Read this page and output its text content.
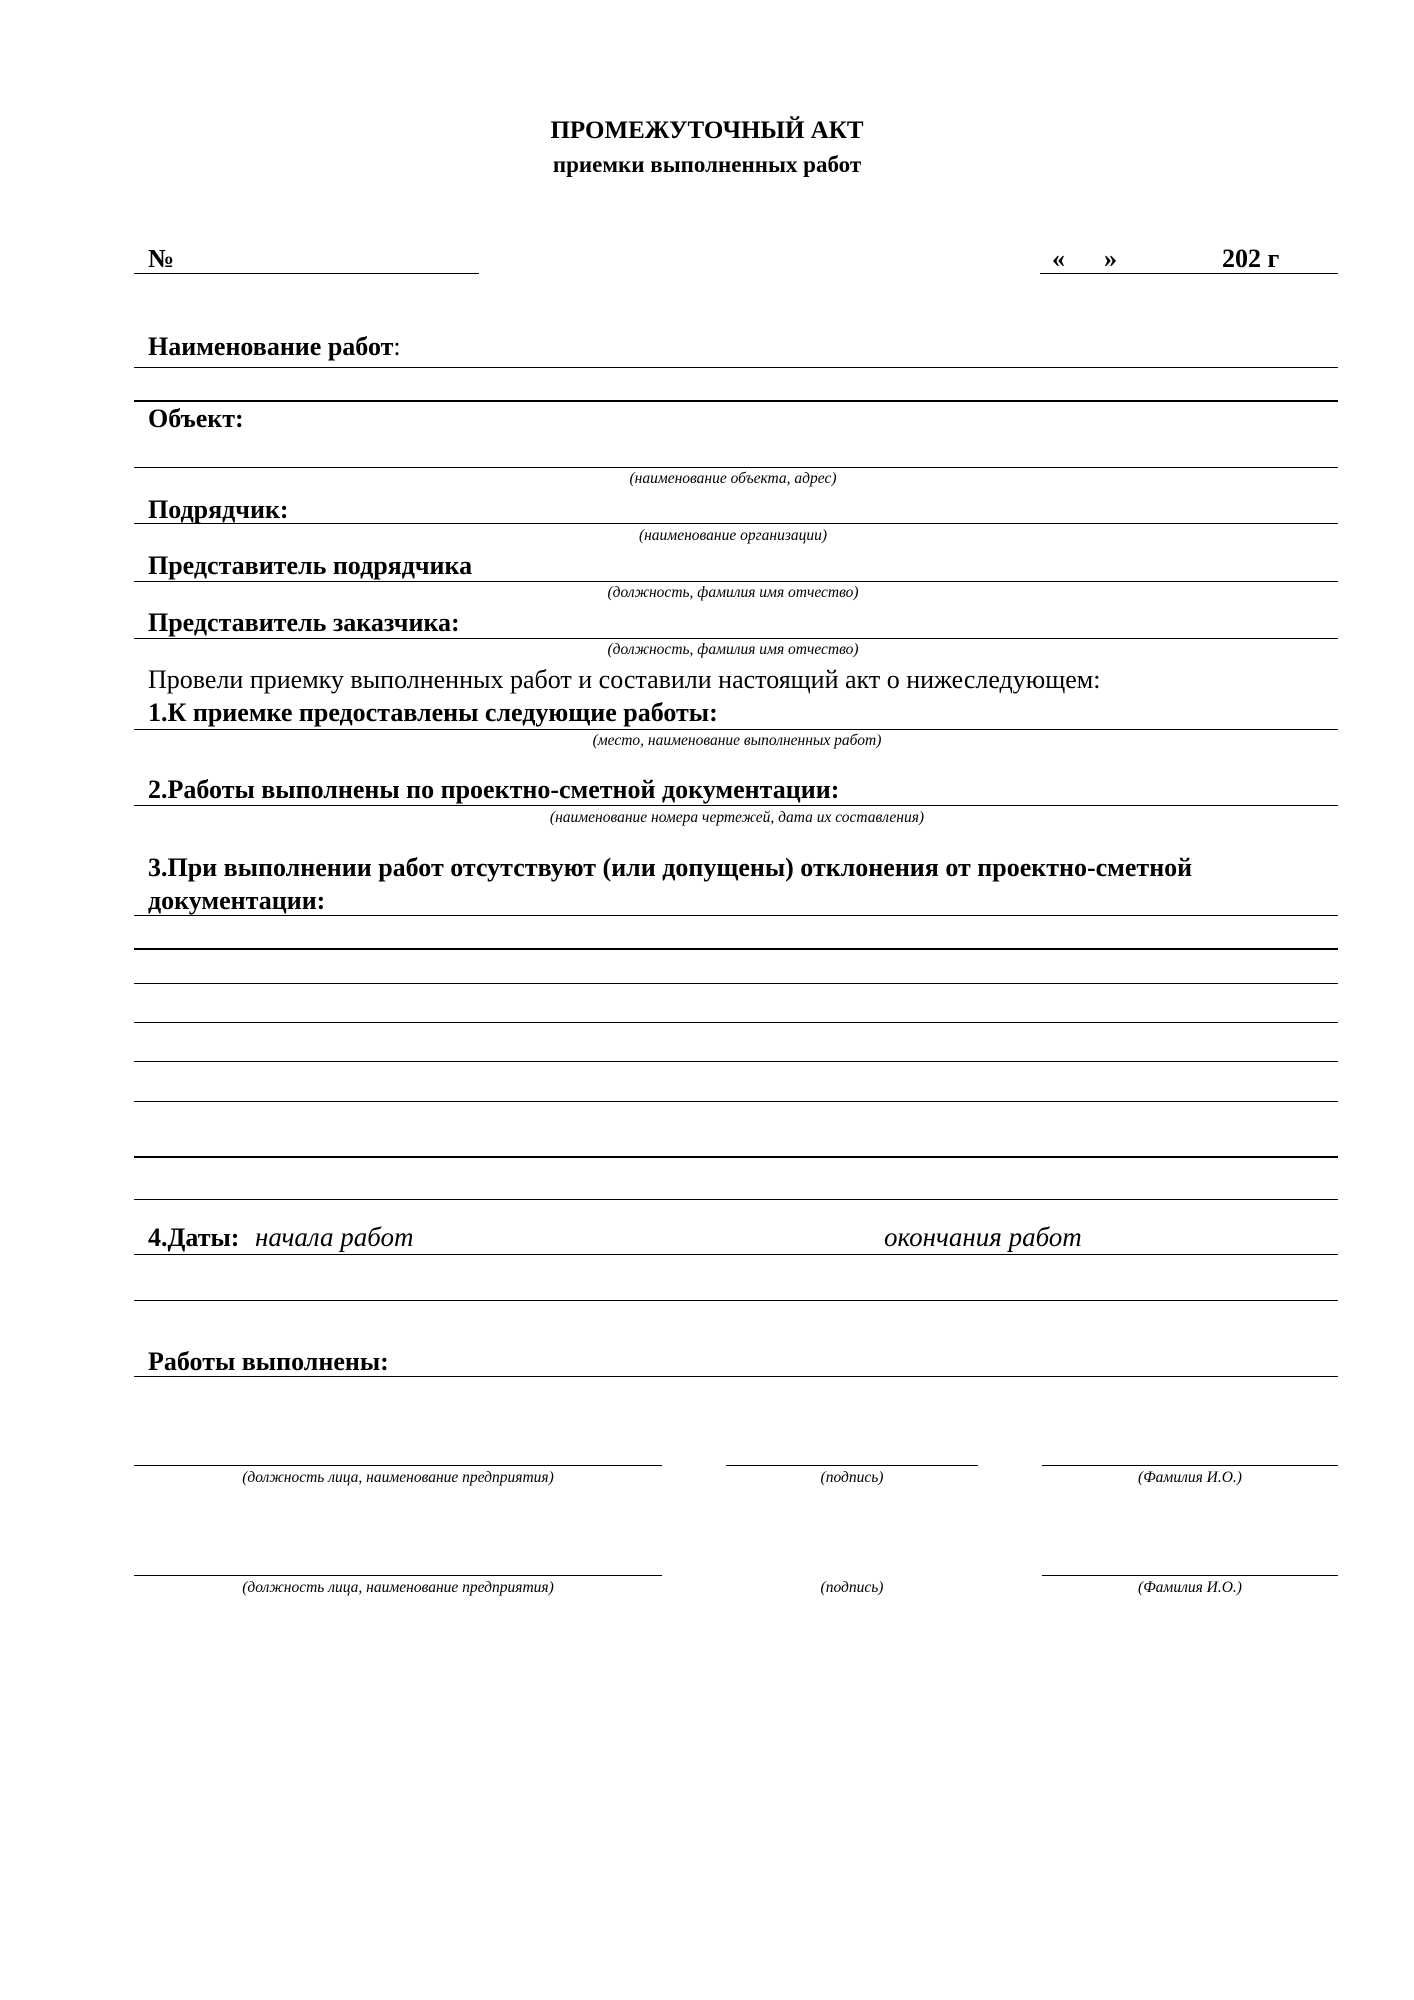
ПРОМЕЖУТОЧНЫЙ АКТ
приемки выполненных работ
№	« »	202 г
Наименование работ:
Объект:
(наименование объекта, адрес)
Подрядчик:
(наименование организации)
Представитель подрядчика
(должность, фамилия имя отчество)
Представитель заказчика:
(должность, фамилия имя отчество)
Провели приемку выполненных работ и составили настоящий акт о нижеследующем:
1.К приемке предоставлены следующие работы:
(место, наименование выполненных работ)
2.Работы выполнены по проектно-сметной документации:
(наименование номера чертежей, дата их составления)
3.При выполнении работ отсутствуют (или допущены) отклонения от проектно-сметной
документации:
4.Даты: начала работ	окончания работ
Работы выполнены:
(должность лица, наименование предприятия)	(подпись)	(Фамилия И.О.)
(должность лица, наименование предприятия)	(подпись)	(Фамилия И.О.)
